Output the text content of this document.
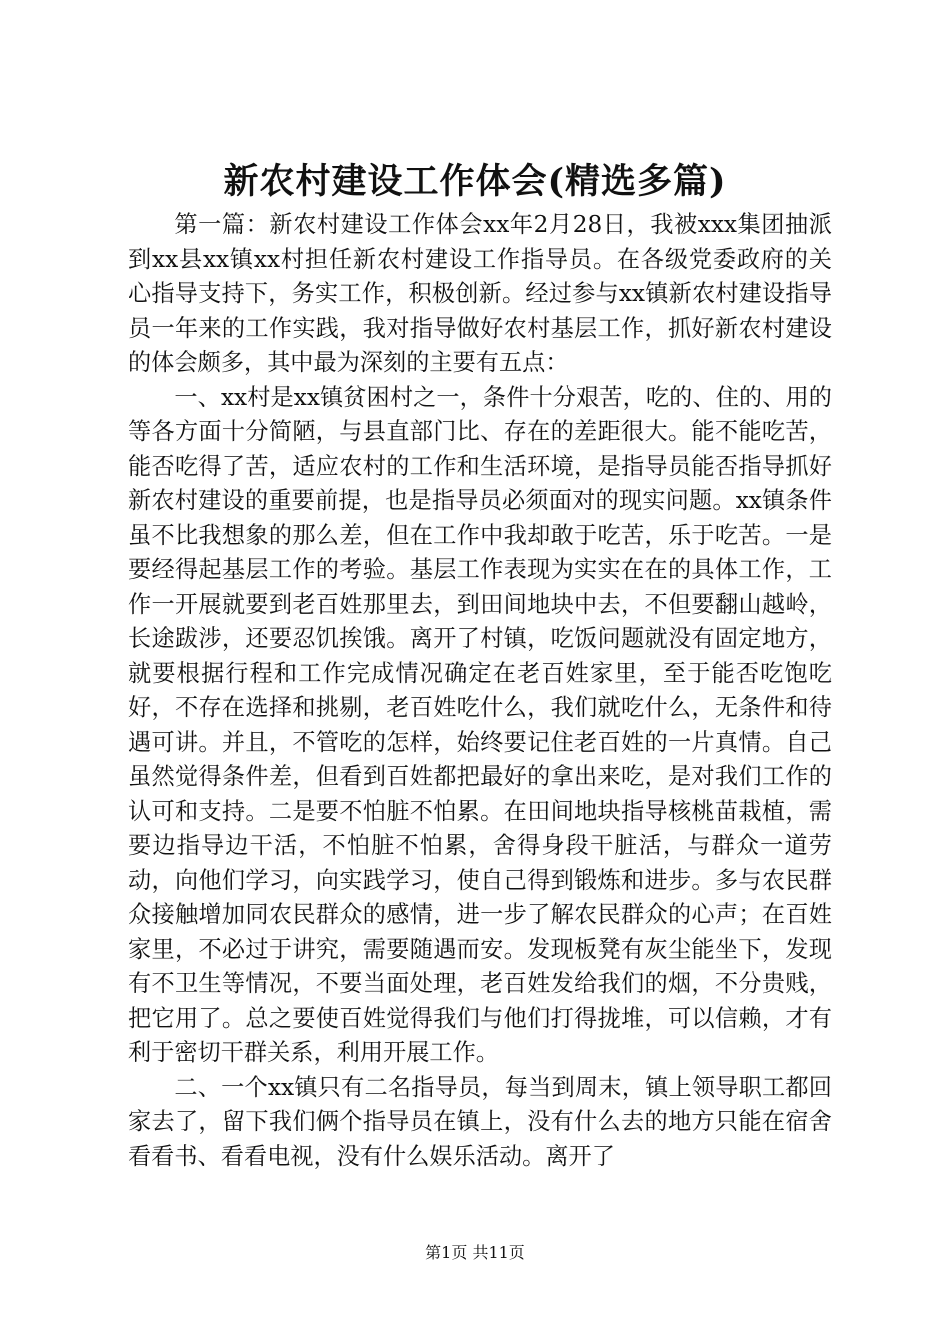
新农村建设工作体会(精选多篇)

第一篇：新农村建设工作体会xx年2月28日，我被xxx集团抽派到xx县xx镇xx村担任新农村建设工作指导员。在各级党委政府的关心指导支持下，务实工作，积极创新。经过参与xx镇新农村建设指导员一年来的工作实践，我对指导做好农村基层工作，抓好新农村建设的体会颇多，其中最为深刻的主要有五点：

一、xx村是xx镇贫困村之一，条件十分艰苦，吃的、住的、用的等各方面十分简陋，与县直部门比、存在的差距很大。能不能吃苦，能否吃得了苦，适应农村的工作和生活环境，是指导员能否指导抓好新农村建设的重要前提，也是指导员必须面对的现实问题。xx镇条件虽不比我想象的那么差，但在工作中我却敢于吃苦，乐于吃苦。一是要经得起基层工作的考验。基层工作表现为实实在在的具体工作，工作一开展就要到老百姓那里去，到田间地块中去，不但要翻山越岭，长途跋涉，还要忍饥挨饿。离开了村镇，吃饭问题就没有固定地方，就要根据行程和工作完成情况确定在老百姓家里，至于能否吃饱吃好，不存在选择和挑剔，老百姓吃什么，我们就吃什么，无条件和待遇可讲。并且，不管吃的怎样，始终要记住老百姓的一片真情。自己虽然觉得条件差，但看到百姓都把最好的拿出来吃，是对我们工作的认可和支持。二是要不怕脏不怕累。在田间地块指导核桃苗栽植，需要边指导边干活，不怕脏不怕累，舍得身段干脏活，与群众一道劳动，向他们学习，向实践学习，使自己得到锻炼和进步。多与农民群众接触增加同农民群众的感情，进一步了解农民群众的心声；在百姓家里，不必过于讲究，需要随遇而安。发现板凳有灰尘能坐下，发现有不卫生等情况，不要当面处理，老百姓发给我们的烟，不分贵贱，把它用了。总之要使百姓觉得我们与他们打得拢堆，可以信赖，才有利于密切干群关系，利用开展工作。

二、一个xx镇只有二名指导员，每当到周末，镇上领导职工都回家去了，留下我们俩个指导员在镇上，没有什么去的地方只能在宿舍看看书、看看电视，没有什么娱乐活动。离开了

第1页 共11页
